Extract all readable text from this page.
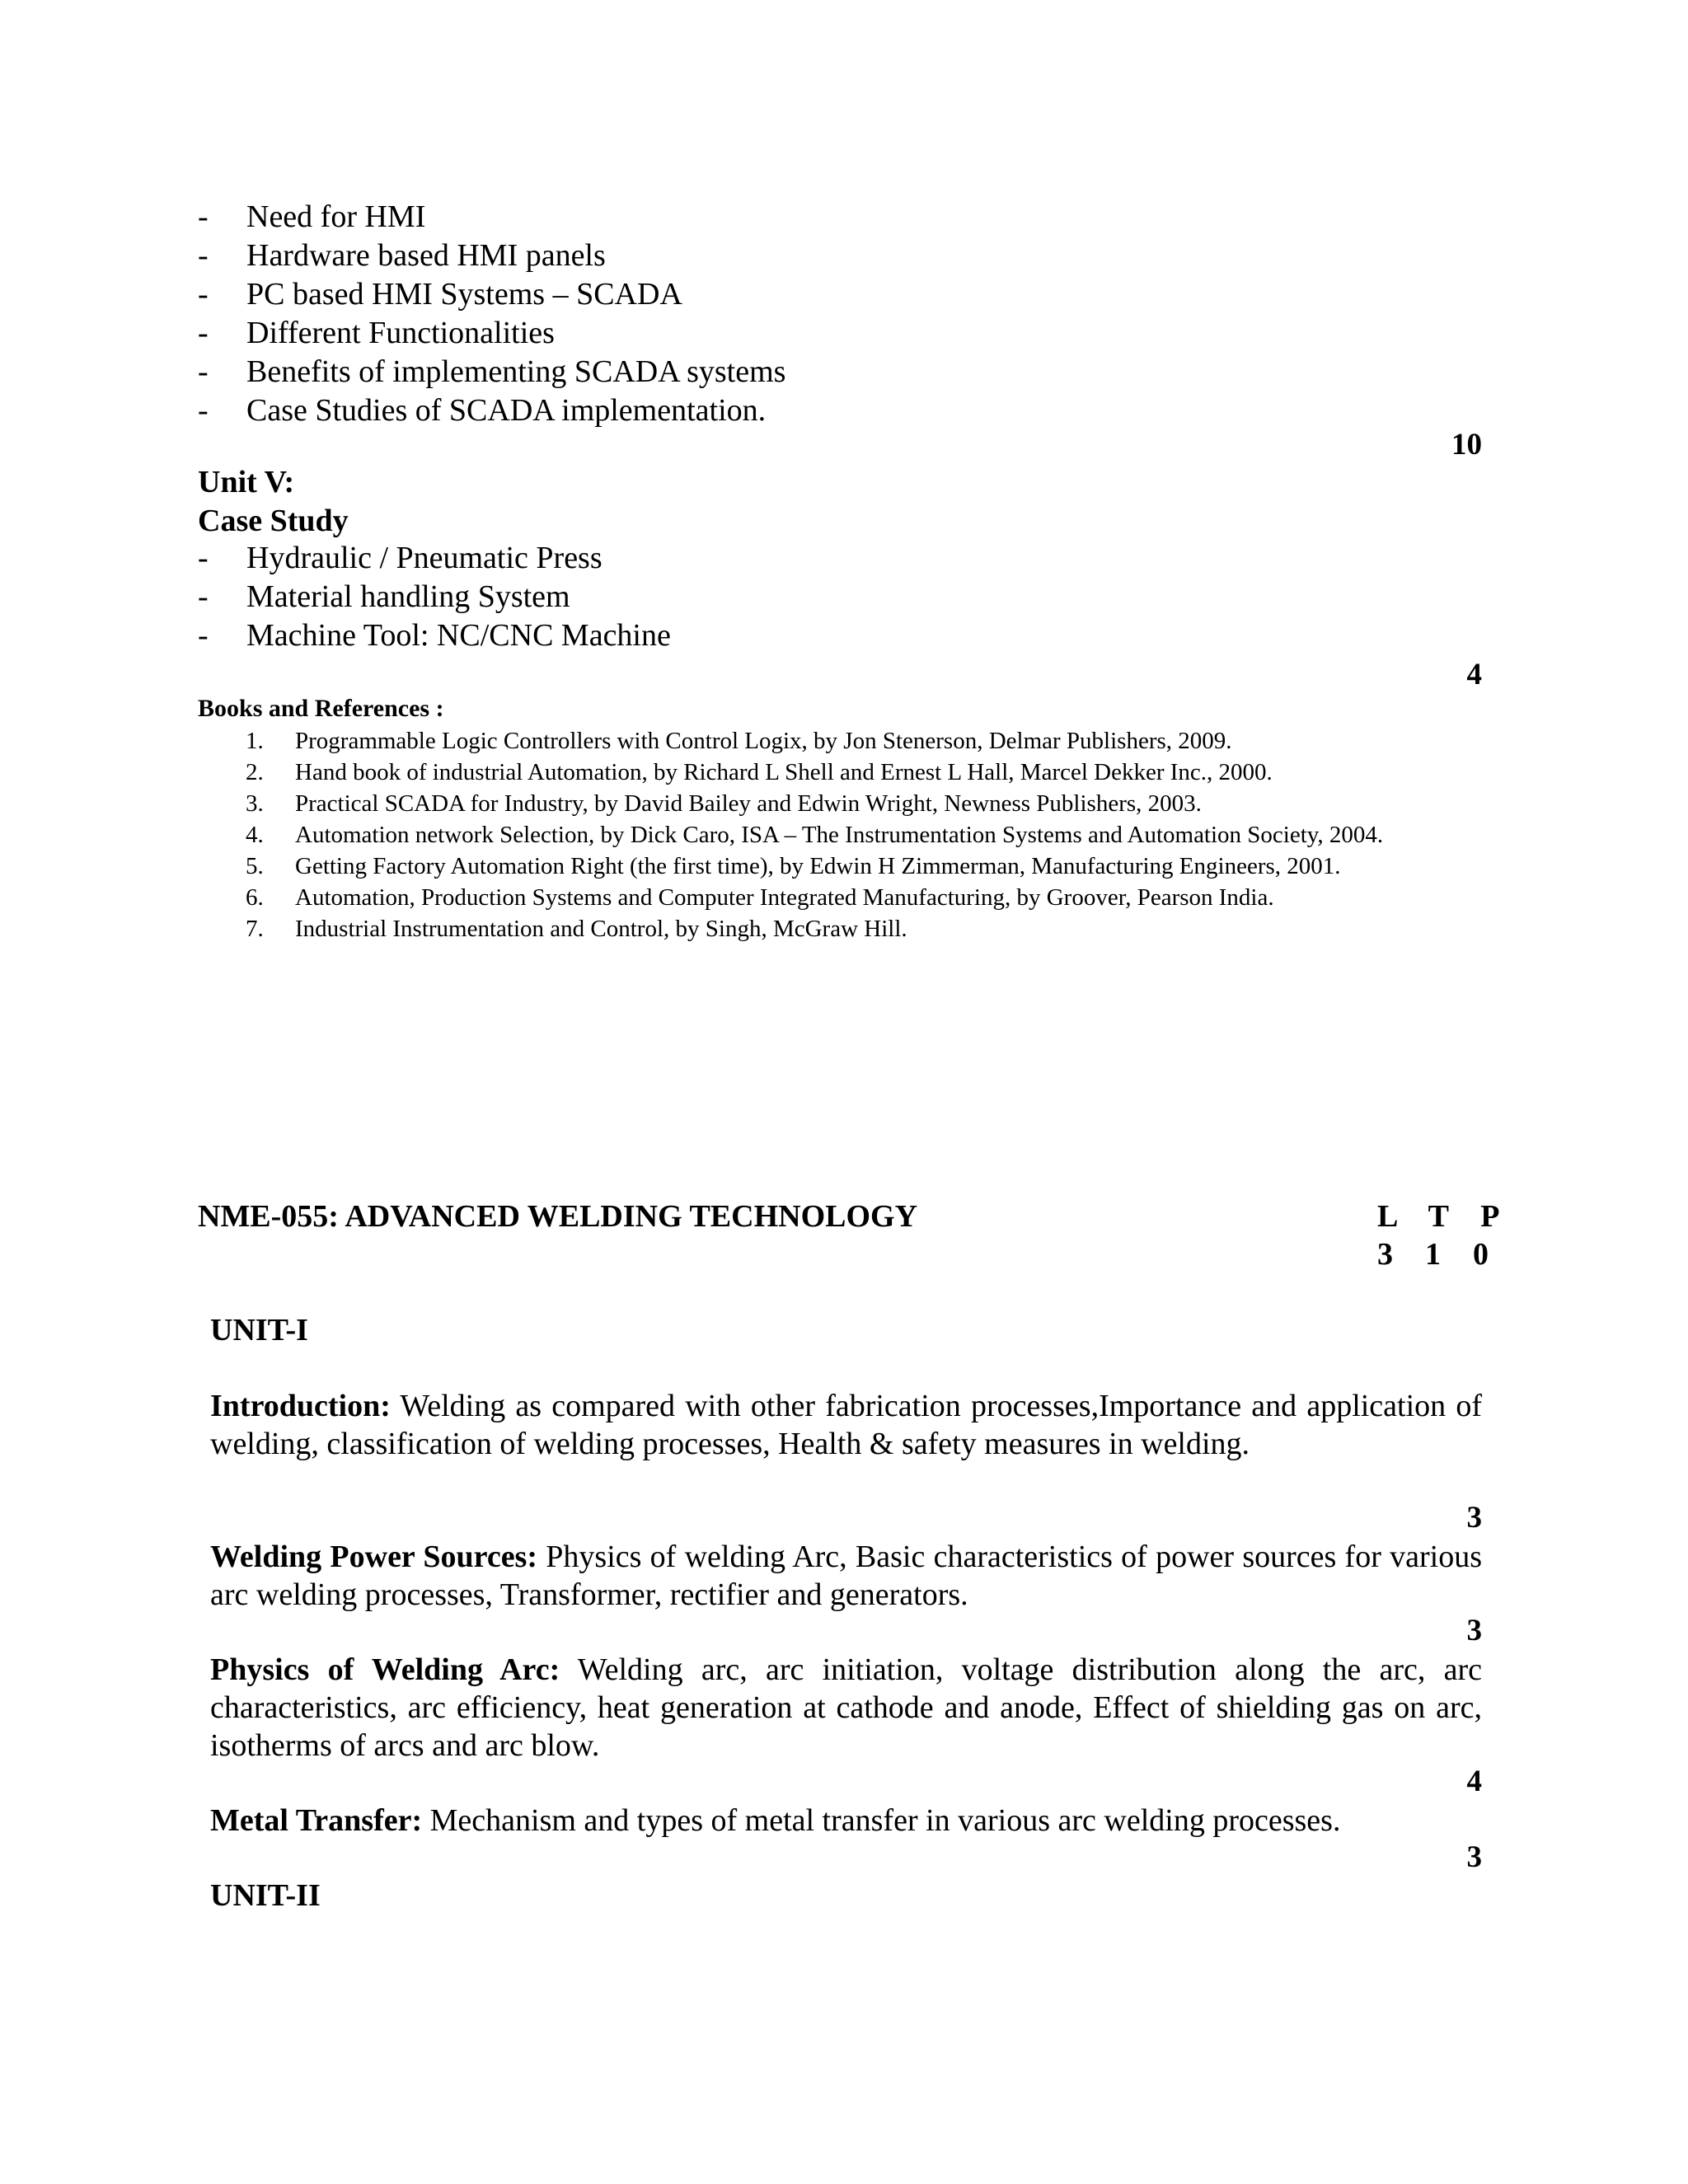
- Need for HMI
- Hardware based HMI panels
- PC based HMI Systems – SCADA
- Different Functionalities
- Benefits of implementing SCADA systems
- Case Studies of SCADA implementation.
10
Unit V:
Case Study
- Hydraulic / Pneumatic Press
- Material handling System
- Machine Tool: NC/CNC Machine
4
Books and References :
1. Programmable Logic Controllers with Control Logix, by Jon Stenerson, Delmar Publishers, 2009.
2. Hand book of industrial Automation, by Richard L Shell and Ernest L Hall, Marcel Dekker Inc., 2000.
3. Practical SCADA for Industry, by David Bailey and Edwin Wright, Newness Publishers, 2003.
4. Automation network Selection, by Dick Caro, ISA – The Instrumentation Systems and Automation Society, 2004.
5. Getting Factory Automation Right (the first time), by Edwin H Zimmerman, Manufacturing Engineers, 2001.
6. Automation, Production Systems and Computer Integrated Manufacturing, by Groover, Pearson India.
7. Industrial Instrumentation and Control, by Singh, McGraw Hill.
NME-055: ADVANCED WELDING TECHNOLOGY	L  T  P
3  1  0
UNIT-I
Introduction: Welding as compared with other fabrication processes,Importance and application of welding, classification of welding processes, Health & safety measures in welding.
3
Welding Power Sources: Physics of welding Arc, Basic characteristics of power sources for various arc welding processes, Transformer, rectifier and generators.
3
Physics of Welding Arc: Welding arc, arc initiation, voltage distribution along the arc, arc characteristics, arc efficiency, heat generation at cathode and anode, Effect of shielding gas on arc, isotherms of arcs and arc blow.
4
Metal Transfer: Mechanism and types of metal transfer in various arc welding processes.
3
UNIT-II
